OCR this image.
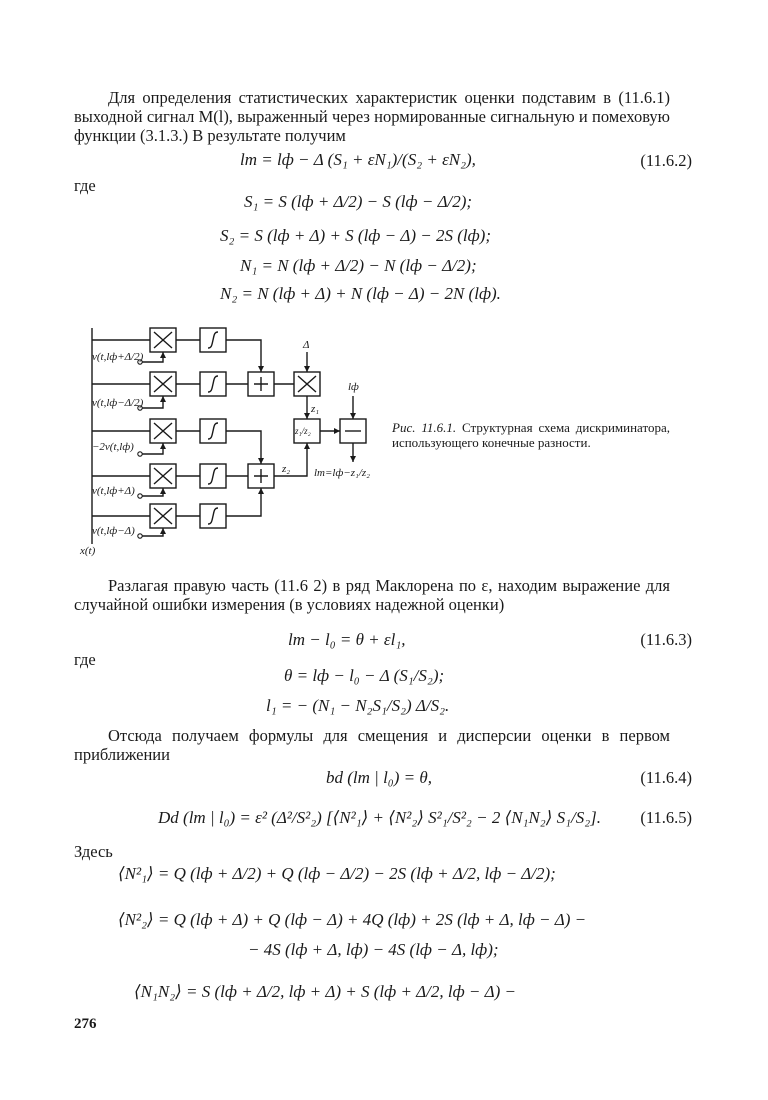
Для определения статистических характеристик оценки подставим в (11.6.1) выходной сигнал M(l), выраженный через нормированные сигнальную и помеховую функции (3.1.3.) В результате получим
lm = lф − Δ (S₁ + εN₁)/(S₂ + εN₂),	(11.6.2)
где
S₁ = S (lф + Δ/2) − S (lф − Δ/2);
S₂ = S (lф + Δ) + S (lф − Δ) − 2S (lф);
N₁ = N (lф + Δ/2) − N (lф − Δ/2);
N₂ = N (lф + Δ) + N (lф − Δ) − 2N (lф).
v(t,lф+Δ/2)
v(t,lф−Δ/2)
−2v(t,lф)
v(t,lф+Δ)
v(t,lф−Δ)
x(t)
Δ
lф
z₁
z₂
z₁/z₂
lm=lф−z₁/z₂
Рис. 11.6.1. Структурная схема дискриминатора, использующего конечные разности.
Разлагая правую часть (11.6 2) в ряд Маклорена по ε, находим выражение для случайной ошибки измерения (в условиях надежной оценки)
lm − l₀ = θ + εl₁,	(11.6.3)
где
θ = lф − l₀ − Δ (S₁/S₂);
l₁ = − (N₁ − N₂S₁/S₂) Δ/S₂.
Отсюда получаем формулы для смещения и дисперсии оценки в первом приближении
bd (lm | l₀) = θ,	(11.6.4)
Dd (lm | l₀) = ε² (Δ²/S²₂) [⟨N²₁⟩ + ⟨N²₂⟩ S²₁/S²₂ − 2 ⟨N₁N₂⟩ S₁/S₂]. (11.6.5)
Здесь
⟨N²₁⟩ = Q (lф + Δ/2) + Q (lф − Δ/2) − 2S (lф + Δ/2, lф − Δ/2);
⟨N²₂⟩ = Q (lф + Δ) + Q (lф − Δ) + 4Q (lф) + 2S (lф + Δ, lф − Δ) −
− 4S (lф + Δ, lф) − 4S (lф − Δ, lф);
⟨N₁N₂⟩ = S (lф + Δ/2, lф + Δ) + S (lф + Δ/2, lф − Δ) −
276
